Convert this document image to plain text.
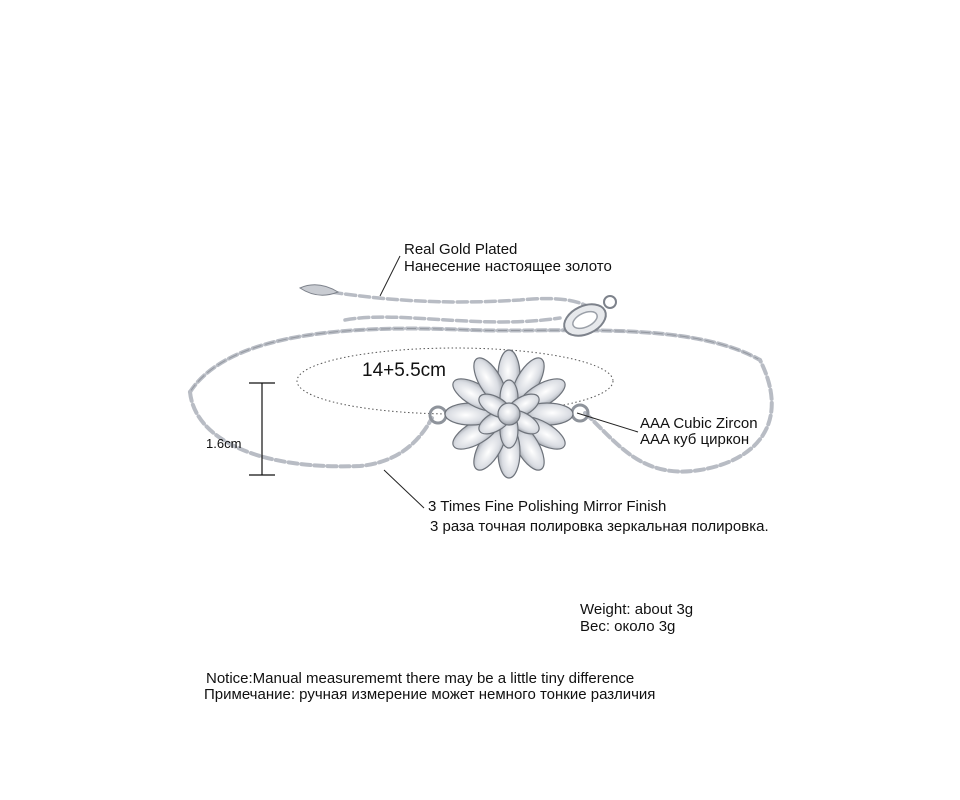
Real Gold Plated
Нанесение настоящее золото
14+5.5cm
1.6cm
AAA Cubic Zircon
AAA куб циркон
3 Times Fine Polishing Mirror Finish
3 раза точная полировка зеркальная полировка.
Weight: about 3g
Вес: около 3g
Notice:Manual measurememt there may be a little tiny difference
Примечание: ручная измерение может немного тонкие различия
